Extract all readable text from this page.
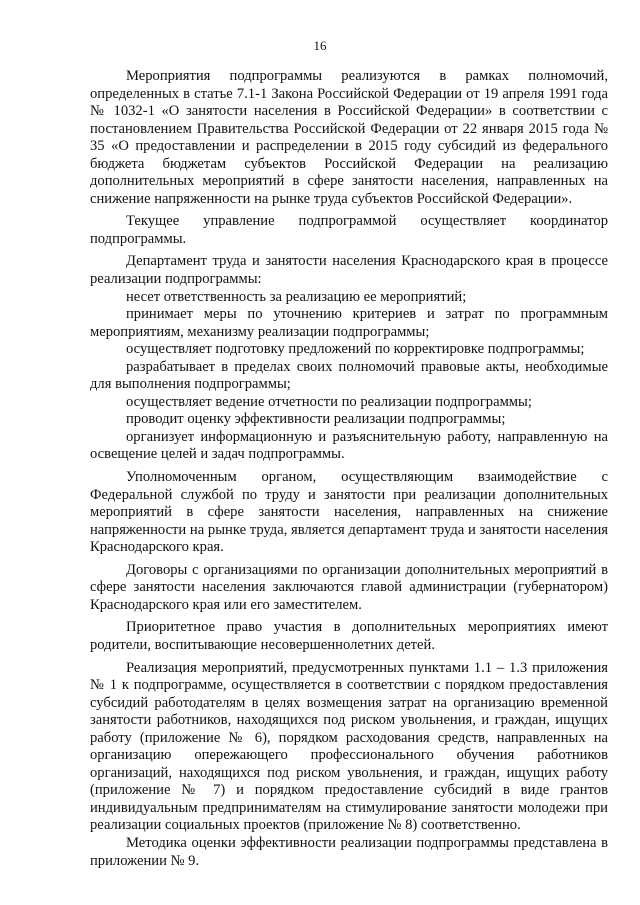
16

Мероприятия подпрограммы реализуются в рамках полномочий, определенных в статье 7.1-1 Закона Российской Федерации от 19 апреля 1991 года № 1032-1 «О занятости населения в Российской Федерации» в соответствии с постановлением Правительства Российской Федерации от 22 января 2015 года № 35 «О предоставлении и распределении в 2015 году субсидий из федерального бюджета бюджетам субъектов Российской Федерации на реализацию дополнительных мероприятий в сфере занятости населения, направленных на снижение напряженности на рынке труда субъектов Российской Федерации».

Текущее управление подпрограммой осуществляет координатор подпрограммы.

Департамент труда и занятости населения Краснодарского края в процессе реализации подпрограммы:

несет ответственность за реализацию ее мероприятий;

принимает меры по уточнению критериев и затрат по программным мероприятиям, механизму реализации подпрограммы;

осуществляет подготовку предложений по корректировке подпрограммы;

разрабатывает в пределах своих полномочий правовые акты, необходимые для выполнения подпрограммы;

осуществляет ведение отчетности по реализации подпрограммы;

проводит оценку эффективности реализации подпрограммы;

организует информационную и разъяснительную работу, направленную на освещение целей и задач подпрограммы.

Уполномоченным органом, осуществляющим взаимодействие с Федеральной службой по труду и занятости при реализации дополнительных мероприятий в сфере занятости населения, направленных на снижение напряженности на рынке труда, является департамент труда и занятости населения Краснодарского края.

Договоры с организациями по организации дополнительных мероприятий в сфере занятости населения заключаются главой администрации (губернатором) Краснодарского края или его заместителем.

Приоритетное право участия в дополнительных мероприятиях имеют родители, воспитывающие несовершеннолетних детей.

Реализация мероприятий, предусмотренных пунктами 1.1 – 1.3 приложения № 1 к подпрограмме, осуществляется в соответствии с порядком предоставления субсидий работодателям в целях возмещения затрат на организацию временной занятости работников, находящихся под риском увольнения, и граждан, ищущих работу (приложение № 6), порядком расходования средств, направленных на организацию опережающего профессионального обучения работников организаций, находящихся под риском увольнения, и граждан, ищущих работу (приложение № 7) и порядком предоставление субсидий в виде грантов индивидуальным предпринимателям на стимулирование занятости молодежи при реализации социальных проектов (приложение № 8) соответственно.

Методика оценки эффективности реализации подпрограммы представлена в приложении № 9.
